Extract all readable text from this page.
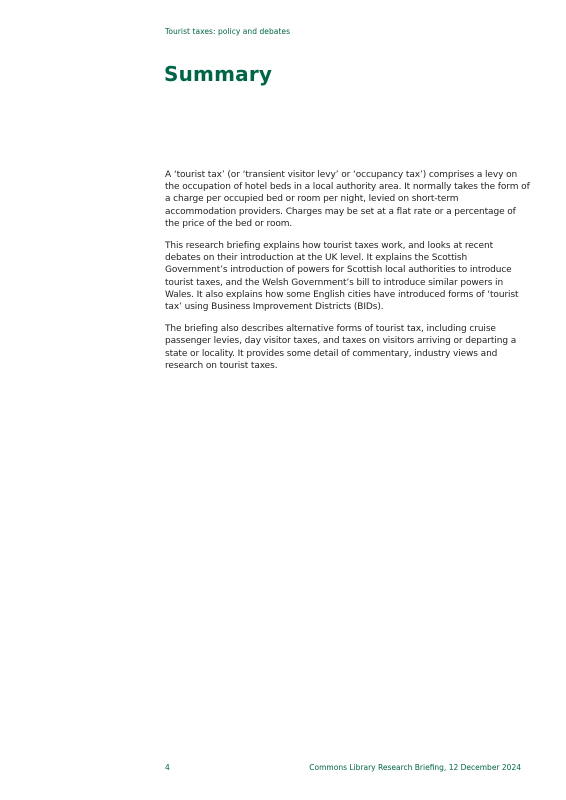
Tourist taxes: policy and debates
Summary

A ‘tourist tax’ (or ‘transient visitor levy’ or ‘occupancy tax’) comprises a levy on the occupation of hotel beds in a local authority area. It normally takes the form of a charge per occupied bed or room per night, levied on short-term accommodation providers. Charges may be set at a flat rate or a percentage of the price of the bed or room.

This research briefing explains how tourist taxes work, and looks at recent debates on their introduction at the UK level. It explains the Scottish Government’s introduction of powers for Scottish local authorities to introduce tourist taxes, and the Welsh Government’s bill to introduce similar powers in Wales. It also explains how some English cities have introduced forms of ‘tourist tax’ using Business Improvement Districts (BIDs).

The briefing also describes alternative forms of tourist tax, including cruise passenger levies, day visitor taxes, and taxes on visitors arriving or departing a state or locality. It provides some detail of commentary, industry views and research on tourist taxes.

4	Commons Library Research Briefing, 12 December 2024
